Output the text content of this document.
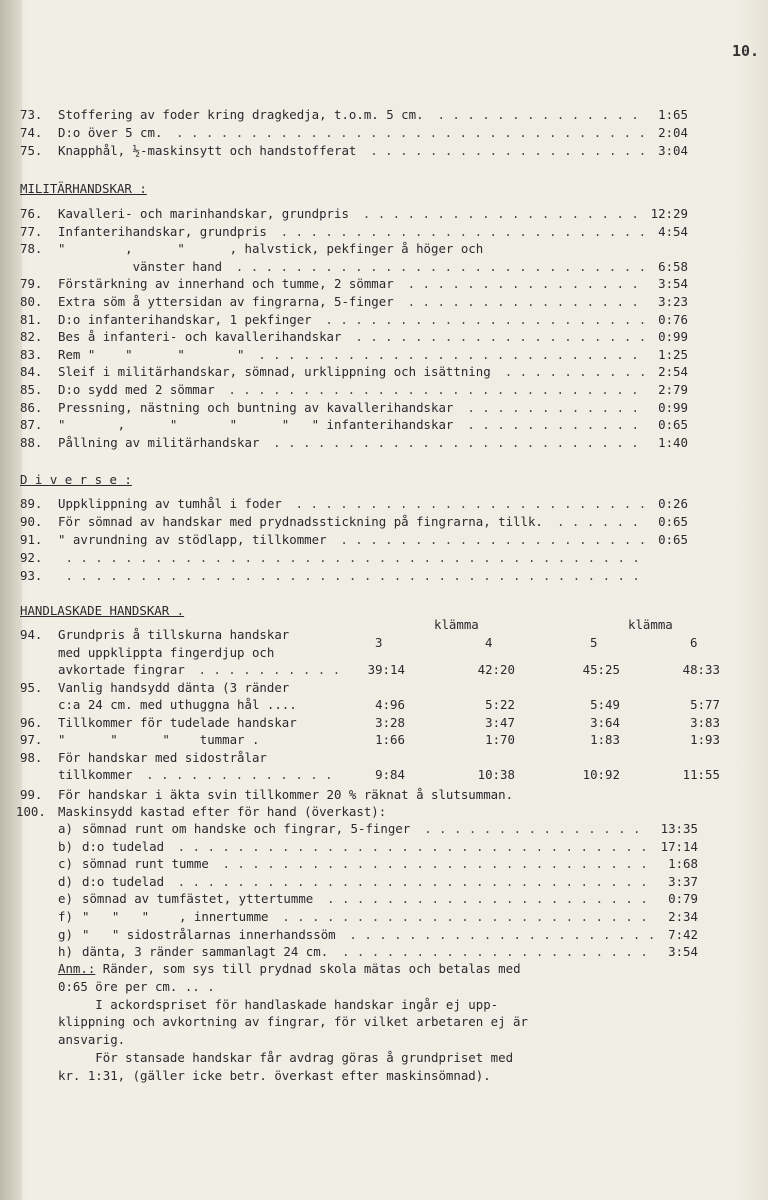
10.
73.	Stoffering av foder kring dragkedja, t.o.m. 5 cm.	1:65
. . . . . . . . . . . . . .
74.	D:o över 5 cm.	2:04
. . . . . . . . . . . . . . . . . . . . . . . . . . . . . . . .
75.	Knapphål, ½-maskinsytt och handstofferat	3:04
. . . . . . . . . . . . . . . . . . .
MILITÄRHANDSKAR :
76.	Kavalleri- och marinhandskar, grundpris	12:29
. . . . . . . . . . . . . . . . . . .
77.	Infanterihandskar, grundpris	4:54
. . . . . . . . . . . . . . . . . . . . . . . . .
78.	"        ,      "      , halvstick, pekfinger å höger och
vänster hand	6:58
. . . . . . . . . . . . . . . . . . . . . . . . . . . .
79.	Förstärkning av innerhand och tumme, 2 sömmar	3:54
. . . . . . . . . . . . . . . .
80.	Extra söm å yttersidan av fingrarna, 5-finger	3:23
. . . . . . . . . . . . . . . .
81.	D:o infanterihandskar, 1 pekfinger	0:76
. . . . . . . . . . . . . . . . . . . . . .
82.	Bes å infanteri- och kavallerihandskar	0:99
. . . . . . . . . . . . . . . . . . . .
83.	Rem "    "      "       "	1:25
. . . . . . . . . . . . . . . . . . . . . . . . . .
84.	Sleif i militärhandskar, sömnad, urklippning och isättning	2:54
. . . . . . . . . .
85.	D:o sydd med 2 sömmar	2:79
. . . . . . . . . . . . . . . . . . . . . . . . . . . .
86.	Pressning, nästning och buntning av kavallerihandskar	0:99
. . . . . . . . . . . .
87.	"       ,      "       "      "   " infanterihandskar	0:65
. . . . . . . . . . . .
88.	Pållning av militärhandskar	1:40
. . . . . . . . . . . . . . . . . . . . . . . . .
D i v e r s e :
89.	Uppklippning av tumhål i foder	0:26
. . . . . . . . . . . . . . . . . . . . . . . .
90.	För sömnad av handskar med prydnadsstickning på fingrarna, tillk.	0:65
. . . . . .
91.	" avrundning av stödlapp, tillkommer	0:65
. . . . . . . . . . . . . . . . . . . . .
92.	. . . . . . . . . . . . . . . . . . . . . . . . . . . . . . . . . . . . . . .
93.	. . . . . . . . . . . . . . . . . . . . . . . . . . . . . . . . . . . . . . .
HANDLASKADE HANDSKAR .
klämma	klämma
3	4	5	6
94.	Grundpris å tillskurna handskar
med uppklippta fingerdjup och
avkortade fingrar . . . . . . . . . .	39:14	42:20	45:25	48:33
95.	Vanlig handsydd dänta (3 ränder
c:a 24 cm. med uthuggna hål ....	4:96	5:22	5:49	5:77
96.	Tillkommer för tudelade handskar	3:28	3:47	3:64	3:83
97.	"      "      "    tummar .	1:66	1:70	1:83	1:93
98.	För handskar med sidostrålar
tillkommer . . . . . . . . . . . . .	9:84	10:38	10:92	11:55
99.	För handskar i äkta svin tillkommer 20 % räknat å slutsumman.
100. Maskinsydd kastad efter för hand (överkast):
a) sömnad runt om handske och fingrar, 5-finger	13:35
. . . . . . . . . . . . . . .
b) d:o tudelad	17:14
. . . . . . . . . . . . . . . . . . . . . . . . . . . . . . . .
c) sömnad runt tumme	1:68
. . . . . . . . . . . . . . . . . . . . . . . . . . . . .
d) d:o tudelad	3:37
. . . . . . . . . . . . . . . . . . . . . . . . . . . . . . . .
e) sömnad av tumfästet, yttertumme	0:79
. . . . . . . . . . . . . . . . . . . . . .
f) "   "   "    , innertumme	2:34
. . . . . . . . . . . . . . . . . . . . . . . . .
g) "   " sidostrålarnas innerhandssöm	7:42
. . . . . . . . . . . . . . . . . . . . .
h) dänta, 3 ränder sammanlagt 24 cm.	3:54
. . . . . . . . . . . . . . . . . . . . .
Anm.: Ränder, som sys till prydnad skola mätas och betalas med
0:65 öre per cm. .. .
I ackordspriset för handlaskade handskar ingår ej upp-
klippning och avkortning av fingrar, för vilket arbetaren ej är
ansvarig.
För stansade handskar får avdrag göras å grundpriset med
kr. 1:31, (gäller icke betr. överkast efter maskinsömnad).
